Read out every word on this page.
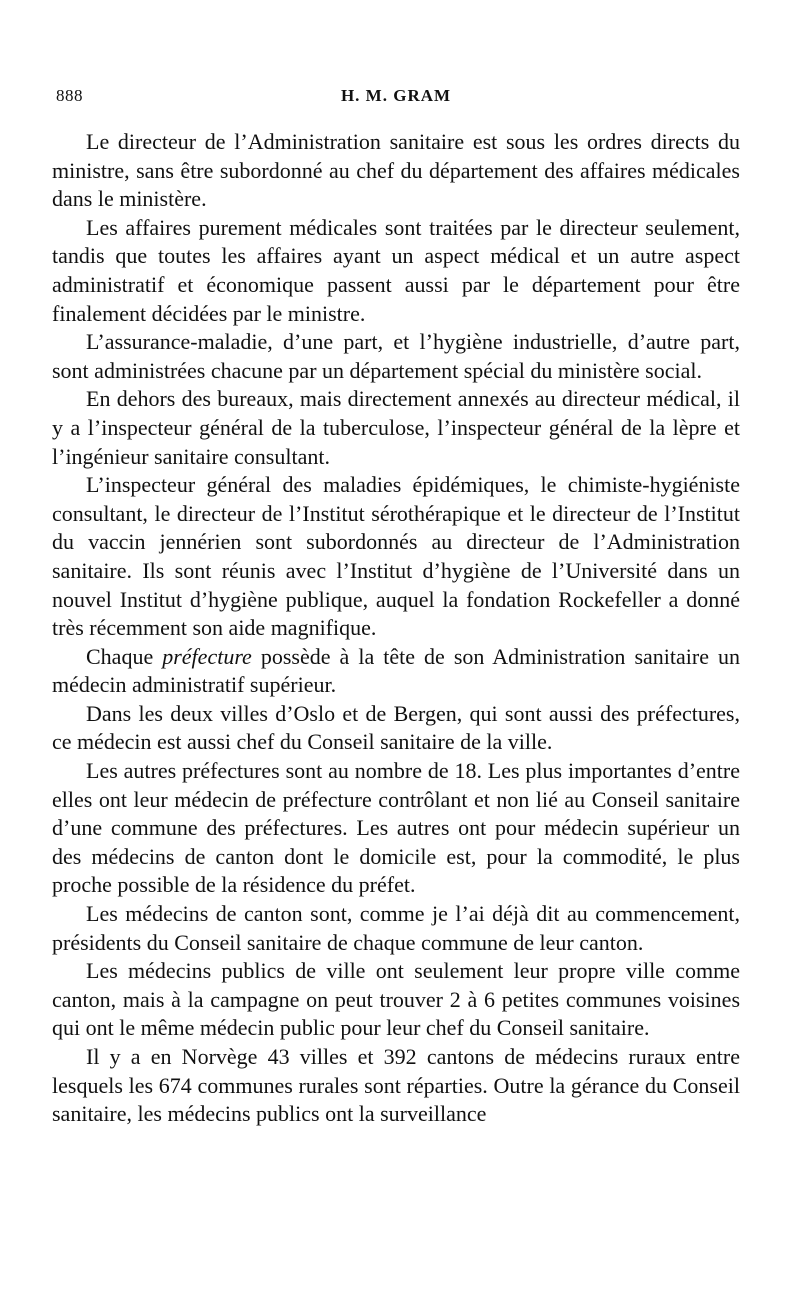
888	H. M. GRAM

Le directeur de l’Administration sanitaire est sous les ordres directs du ministre, sans être subordonné au chef du département des affaires médicales dans le ministère.

Les affaires purement médicales sont traitées par le directeur seulement, tandis que toutes les affaires ayant un aspect médical et un autre aspect administratif et économique passent aussi par le département pour être finalement décidées par le ministre.

L’assurance-maladie, d’une part, et l’hygiène industrielle, d’autre part, sont administrées chacune par un département spécial du ministère social.

En dehors des bureaux, mais directement annexés au directeur médical, il y a l’inspecteur général de la tuberculose, l’inspecteur général de la lèpre et l’ingénieur sanitaire consultant.

L’inspecteur général des maladies épidémiques, le chimiste-hygiéniste consultant, le directeur de l’Institut sérothérapique et le directeur de l’Institut du vaccin jennérien sont subordonnés au directeur de l’Administration sanitaire. Ils sont réunis avec l’Institut d’hygiène de l’Université dans un nouvel Institut d’hygiène publique, auquel la fondation Rockefeller a donné très récemment son aide magnifique.

Chaque préfecture possède à la tête de son Administration sanitaire un médecin administratif supérieur.

Dans les deux villes d’Oslo et de Bergen, qui sont aussi des préfectures, ce médecin est aussi chef du Conseil sanitaire de la ville.

Les autres préfectures sont au nombre de 18. Les plus importantes d’entre elles ont leur médecin de préfecture contrôlant et non lié au Conseil sanitaire d’une commune des préfectures. Les autres ont pour médecin supérieur un des médecins de canton dont le domicile est, pour la commodité, le plus proche possible de la résidence du préfet.

Les médecins de canton sont, comme je l’ai déjà dit au commencement, présidents du Conseil sanitaire de chaque commune de leur canton.

Les médecins publics de ville ont seulement leur propre ville comme canton, mais à la campagne on peut trouver 2 à 6 petites communes voisines qui ont le même médecin public pour leur chef du Conseil sanitaire.

Il y a en Norvège 43 villes et 392 cantons de médecins ruraux entre lesquels les 674 communes rurales sont réparties. Outre la gérance du Conseil sanitaire, les médecins publics ont la surveillance
